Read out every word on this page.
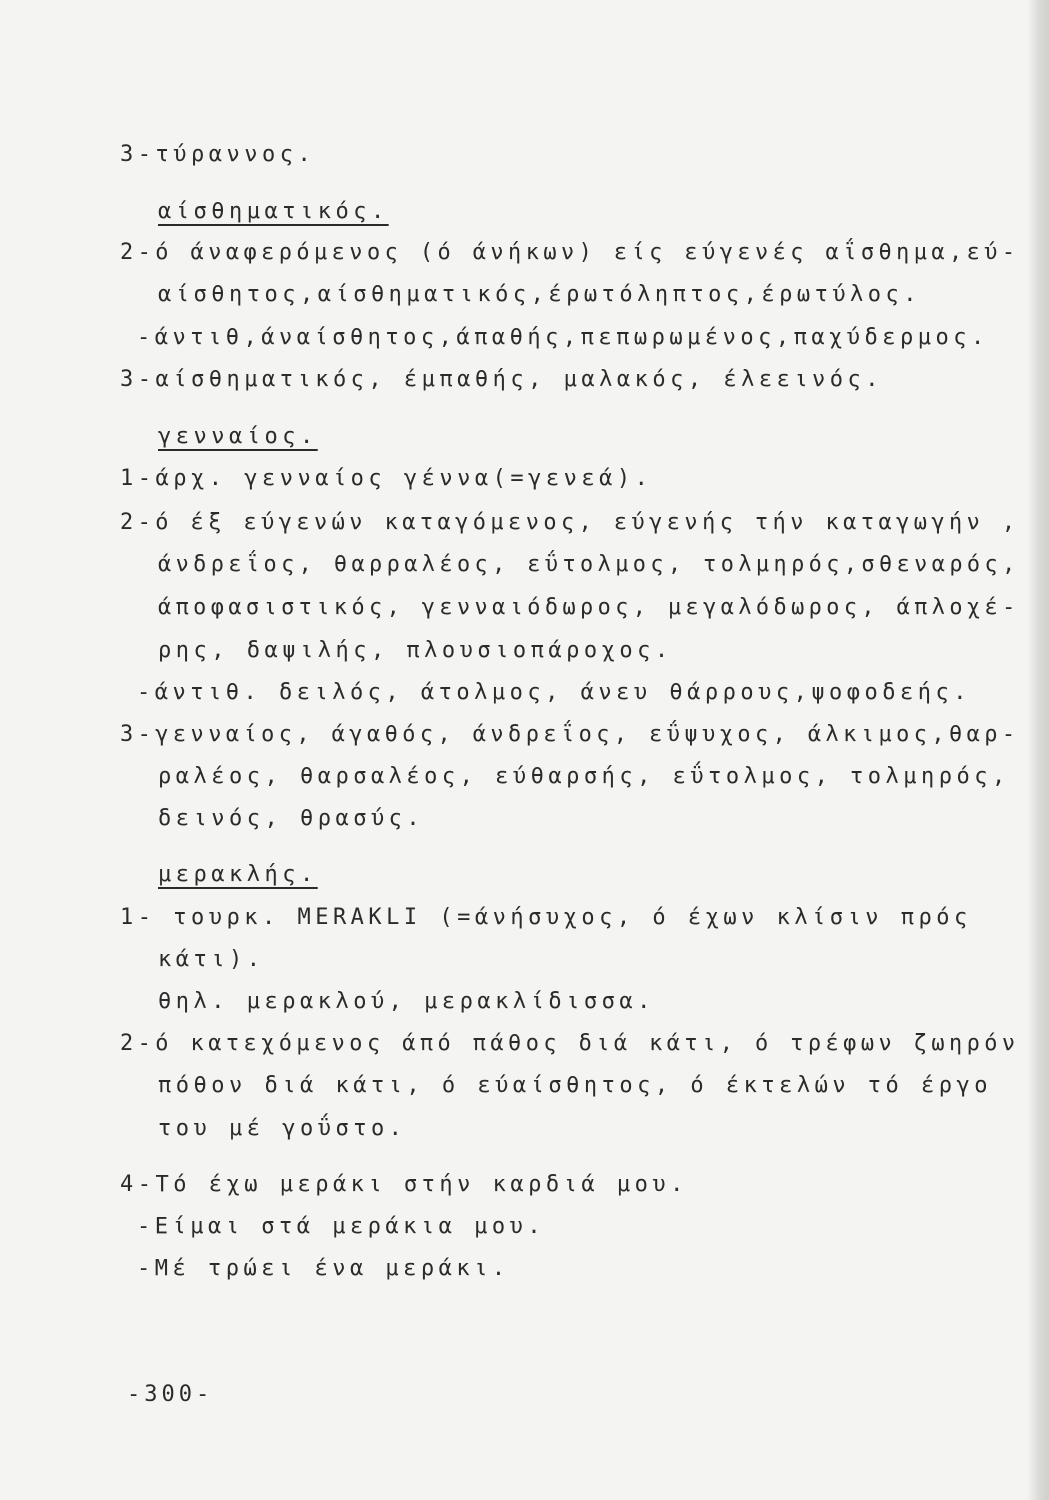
3-τύραννος.
αίσθηματικός.
2-ό άναφερόμενος (ό άνήκων) είς εύγενές αΐσθημα,εύ-
αίσθητος,αίσθηματικός,έρωτόληπτος,έρωτύλος.
-άντιθ,άναίσθητος,άπαθής,πεπωρωμένος,παχύδερμος.
3-αίσθηματικός, έμπαθής, μαλακός, έλεεινός.
γενναίος.
1-άρχ. γενναίος γέννα(=γενεά).
2-ό έξ εύγενών καταγόμενος, εύγενής τήν καταγωγήν ,
άνδρεΐος, θαρραλέος, εΰτολμος, τολμηρός,σθεναρός,
άποφασιστικός, γενναιόδωρος, μεγαλόδωρος, άπλοχέ-
ρης, δαψιλής, πλουσιοπάροχος.
-άντιθ. δειλός, άτολμος, άνευ θάρρους,ψοφοδεής.
3-γενναίος, άγαθός, άνδρεΐος, εΰψυχος, άλκιμος,θαρ-
ραλέος, θαρσαλέος, εύθαρσής, εΰτολμος, τολμηρός,
δεινός, θρασύς.
μερακλής.
1- τουρκ. MERAKLI (=άνήσυχος, ό έχων κλίσιν πρός
κάτι).
θηλ. μερακλού, μερακλίδισσα.
2-ό κατεχόμενος άπό πάθος διά κάτι, ό τρέφων ζωηρόν
πόθον διά κάτι, ό εύαίσθητος, ό έκτελών τό έργο
του μέ γοΰστο.
4-Τό έχω μεράκι στήν καρδιά μου.
-Είμαι στά μεράκια μου.
-Μέ τρώει ένα μεράκι.
-300-
